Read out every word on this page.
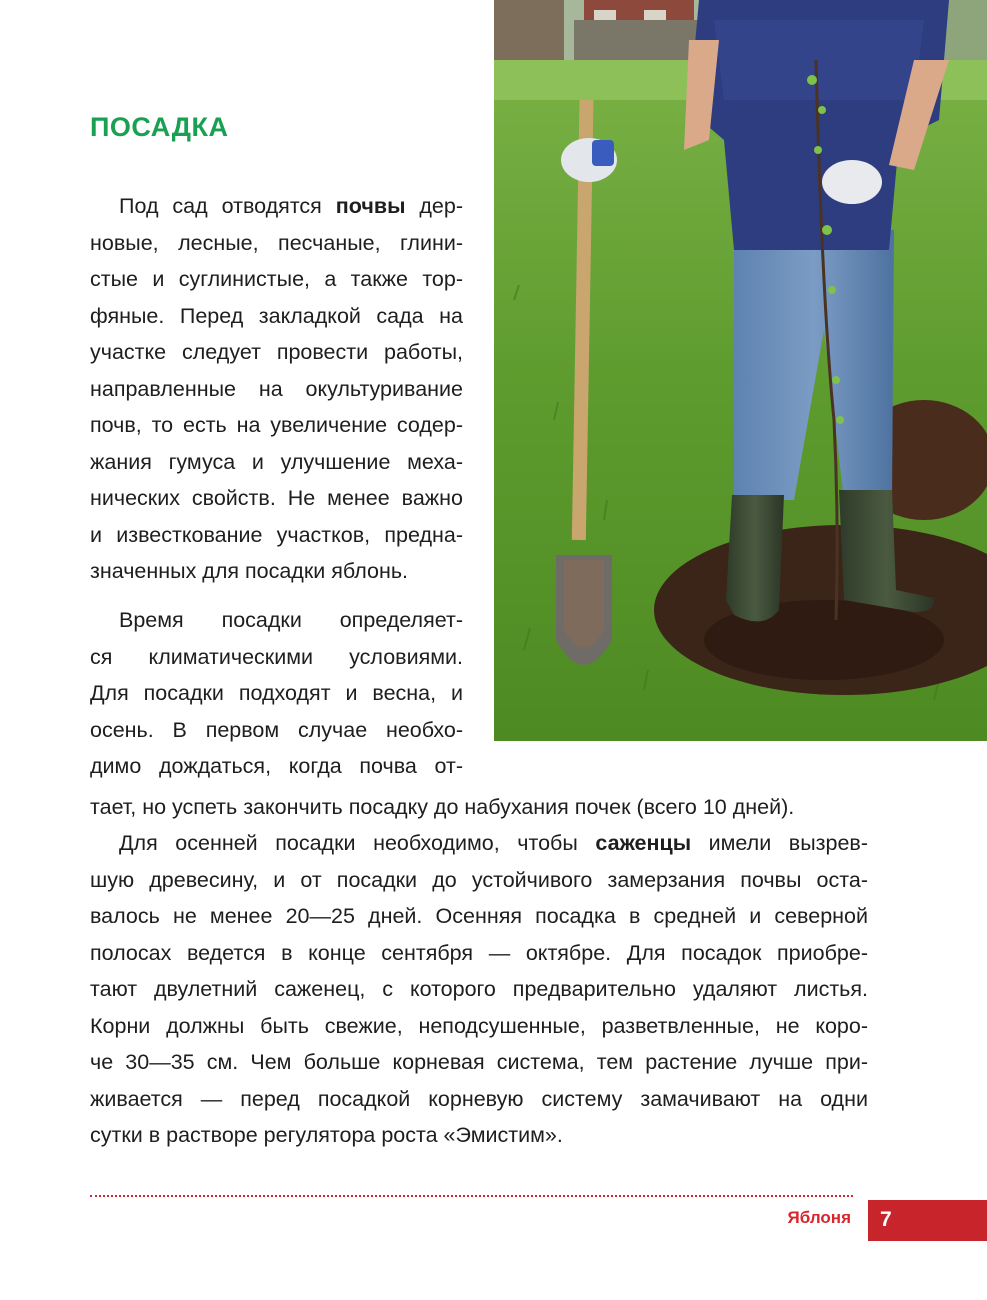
ПОСАДКА
Под сад отводятся почвы дер-
новые, лесные, песчаные, глини-
стые и суглинистые, а также тор-
фяные. Перед закладкой сада на
участке следует провести работы,
направленные на окультуривание
почв, то есть на увеличение содер-
жания гумуса и улучшение меха-
нических свойств. Не менее важно
и известкование участков, предна-
значенных для посадки яблонь.
Время посадки определяет-
ся климатическими условиями.
Для посадки подходят и весна, и
осень. В первом случае необхо-
димо дождаться, когда почва от-
тает, но успеть закончить посадку до набухания почек (всего 10 дней).
Для осенней посадки необходимо, чтобы саженцы имели вызрев-
шую древесину, и от посадки до устойчивого замерзания почвы оста-
валось не менее 20—25 дней. Осенняя посадка в средней и северной
полосах ведется в конце сентября — октябре. Для посадок приобре-
тают двулетний саженец, с которого предварительно удаляют листья.
Корни должны быть свежие, неподсушенные, разветвленные, не коро-
че 30—35 см. Чем больше корневая система, тем растение лучше при-
живается — перед посадкой корневую систему замачивают на одни
сутки в растворе регулятора роста «Эмистим».
Яблоня 7
